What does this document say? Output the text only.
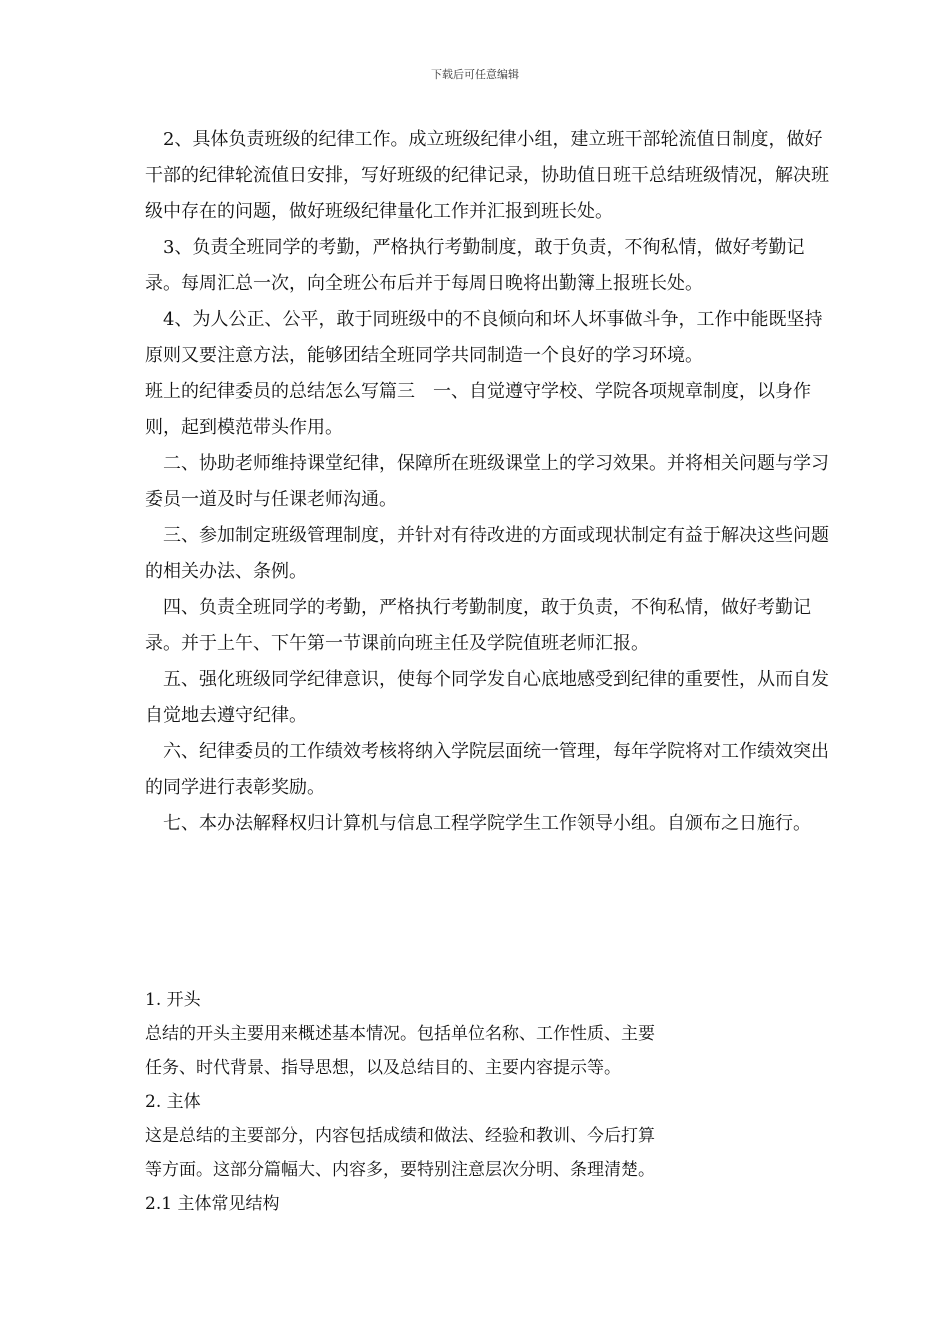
下载后可任意编辑

2、具体负责班级的纪律工作。成立班级纪律小组，建立班干部轮流值日制度，做好干部的纪律轮流值日安排，写好班级的纪律记录，协助值日班干总结班级情况，解决班级中存在的问题，做好班级纪律量化工作并汇报到班长处。

3、负责全班同学的考勤，严格执行考勤制度，敢于负责，不徇私情，做好考勤记录。每周汇总一次，向全班公布后并于每周日晚将出勤簿上报班长处。

4、为人公正、公平，敢于同班级中的不良倾向和坏人坏事做斗争，工作中能既坚持原则又要注意方法，能够团结全班同学共同制造一个良好的学习环境。

班上的纪律委员的总结怎么写篇三　一、自觉遵守学校、学院各项规章制度，以身作则，起到模范带头作用。

二、协助老师维持课堂纪律，保障所在班级课堂上的学习效果。并将相关问题与学习委员一道及时与任课老师沟通。

三、参加制定班级管理制度，并针对有待改进的方面或现状制定有益于解决这些问题的相关办法、条例。

四、负责全班同学的考勤，严格执行考勤制度，敢于负责，不徇私情，做好考勤记录。并于上午、下午第一节课前向班主任及学院值班老师汇报。

五、强化班级同学纪律意识，使每个同学发自心底地感受到纪律的重要性，从而自发自觉地去遵守纪律。

六、纪律委员的工作绩效考核将纳入学院层面统一管理，每年学院将对工作绩效突出的同学进行表彰奖励。

七、本办法解释权归计算机与信息工程学院学生工作领导小组。自颁布之日施行。

1. 开头

总结的开头主要用来概述基本情况。包括单位名称、工作性质、主要

任务、时代背景、指导思想，以及总结目的、主要内容提示等。

2. 主体

这是总结的主要部分，内容包括成绩和做法、经验和教训、今后打算

等方面。这部分篇幅大、内容多，要特别注意层次分明、条理清楚。

2.1 主体常见结构
